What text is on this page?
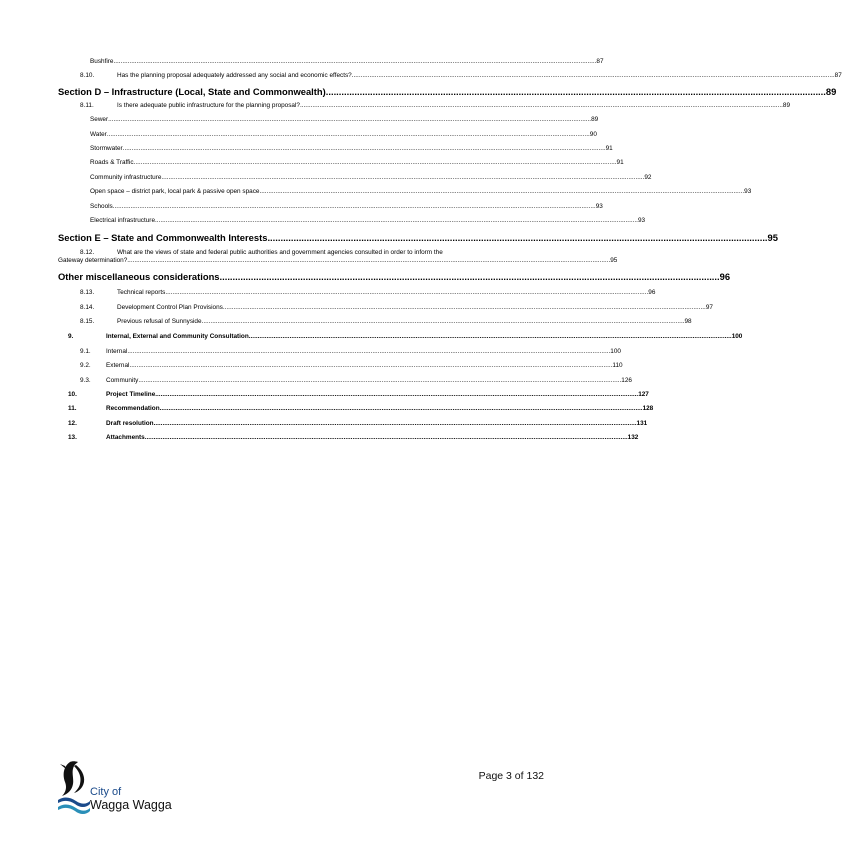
Bushfire ................................................................................................................................................................................................................................................................................ 87
8.10.	Has the planning proposal adequately addressed any social and economic effects? ................................................................................................................................................................................................................................................................................ 87
Section D – Infrastructure (Local, State and Commonwealth) ................................................................................................................................................................................................ 89
8.11.	Is there adequate public infrastructure for the planning proposal? ................................................................................................................................................................................................................................................................................ 89
Sewer ................................................................................................................................................................................................................................................................................ 89
Water ................................................................................................................................................................................................................................................................................ 90
Stormwater ................................................................................................................................................................................................................................................................................ 91
Roads & Traffic ................................................................................................................................................................................................................................................................................ 91
Community infrastructure ................................................................................................................................................................................................................................................................................ 92
Open space – district park, local park & passive open space. ................................................................................................................................................................................................................................................................................ 93
Schools ................................................................................................................................................................................................................................................................................ 93
Electrical infrastructure ................................................................................................................................................................................................................................................................................ 93
Section E – State and Commonwealth Interests ................................................................................................................................................................................................ 95
8.12.	What are the views of state and federal public authorities and government agencies consulted in order to inform the
Gateway determination? ................................................................................................................................................................................................................................................................................ 95
Other miscellaneous considerations ................................................................................................................................................................................................ 96
8.13.	Technical reports ................................................................................................................................................................................................................................................................................ 96
8.14.	Development Control Plan Provisions ................................................................................................................................................................................................................................................................................ 97
8.15.	Previous refusal of Sunnyside ................................................................................................................................................................................................................................................................................ 98
9.	Internal, External and Community Consultation ................................................................................................................................................................................................................................................................................ 100
9.1. Internal ................................................................................................................................................................................................................................................................................ 100
9.2. External ................................................................................................................................................................................................................................................................................ 110
9.3. Community ................................................................................................................................................................................................................................................................................ 126
10.	Project Timeline ................................................................................................................................................................................................................................................................................ 127
11.	Recommendation ................................................................................................................................................................................................................................................................................ 128
12.	Draft resolution ................................................................................................................................................................................................................................................................................ 131
13.	Attachments ................................................................................................................................................................................................................................................................................ 132
City of
Wagga Wagga
Page 3 of 132
